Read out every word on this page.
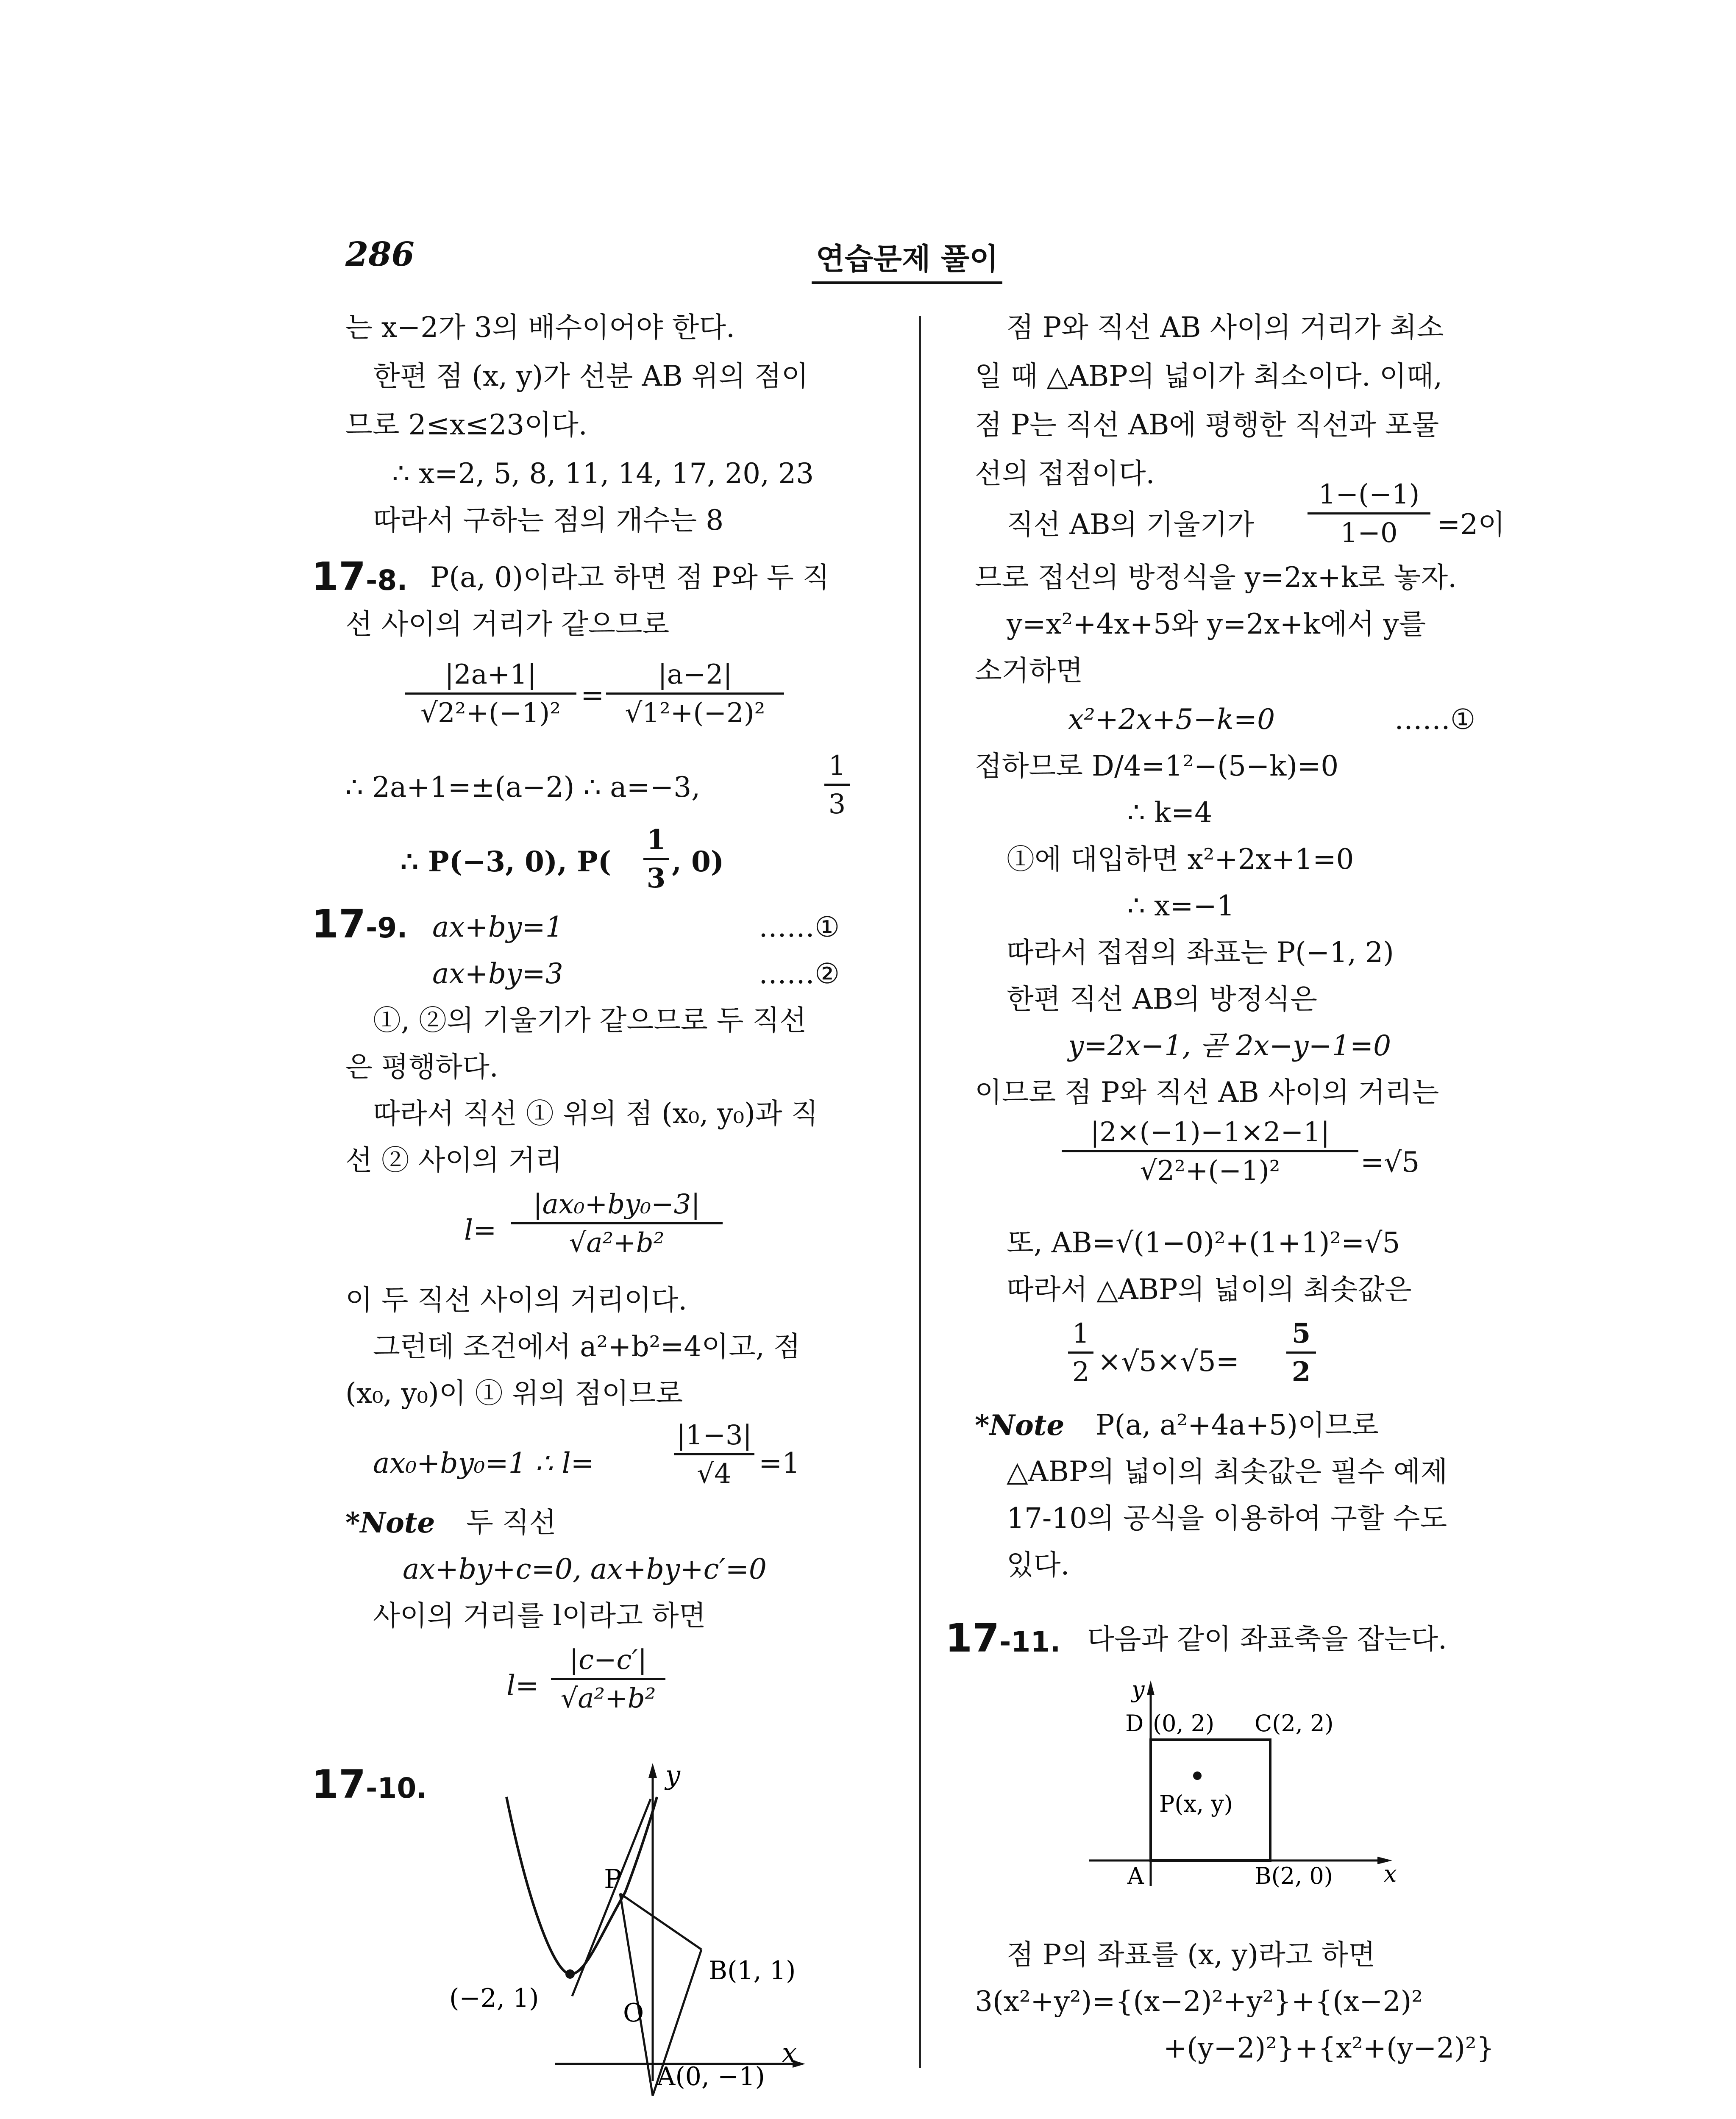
286	연습문제 풀이
는 x−2가 3의 배수이어야 한다.
한편 점 (x, y)가 선분 AB 위의 점이
므로 2≤x≤23이다.
∴ x=2, 5, 8, 11, 14, 17, 20, 23
따라서 구하는 점의 개수는 8
17-8. P(a, 0)이라고 하면 점 P와 두 직
선 사이의 거리가 같으므로
|2a+1|
√2²+(−1)²
=
|a−2|
√1²+(−2)²
∴ 2a+1=±(a−2) ∴ a=−3,
1
3
∴ P(−3, 0), P(
1
3
, 0)
17-9. ax+by=1	……①
ax+by=3	……②
①, ②의 기울기가 같으므로 두 직선
은 평행하다.
따라서 직선 ① 위의 점 (x₀, y₀)과 직
선 ② 사이의 거리
l=
|ax₀+by₀−3|
√a²+b²
이 두 직선 사이의 거리이다.
그런데 조건에서 a²+b²=4이고, 점
(x₀, y₀)이 ① 위의 점이므로
ax₀+by₀=1 ∴ l=
|1−3|
√4 =1
*Note 두 직선
ax+by+c=0, ax+by+c′=0
사이의 거리를 l이라고 하면
l=
|c−c′|
√a²+b²
17-10.	y
x
P
(−2, 1)	O
B(1, 1)
A(0, −1)
점 P와 직선 AB 사이의 거리가 최소
일 때 △ABP의 넓이가 최소이다. 이때,
점 P는 직선 AB에 평행한 직선과 포물
선의 접점이다.
직선 AB의 기울기가
1−(−1)
1−0	=2이
므로 접선의 방정식을 y=2x+k로 놓자.
y=x²+4x+5와 y=2x+k에서 y를
소거하면
x²+2x+5−k=0	……①
접하므로 D/4=1²−(5−k)=0
∴ k=4
①에 대입하면 x²+2x+1=0
∴ x=−1
따라서 접점의 좌표는 P(−1, 2)
한편 직선 AB의 방정식은
y=2x−1, 곧 2x−y−1=0
이므로 점 P와 직선 AB 사이의 거리는
|2×(−1)−1×2−1|
√2²+(−1)²	=√5
또, AB=√(1−0)²+(1+1)²=√5
따라서 △ABP의 넓이의 최솟값은
1
2 ×√5×√5=
5
2
*Note P(a, a²+4a+5)이므로
△ABP의 넓이의 최솟값은 필수 예제
17-10의 공식을 이용하여 구할 수도
있다.
17-11. 다음과 같이 좌표축을 잡는다.
y
x
D (0, 2) C(2, 2)
P(x, y)
A	B(2, 0)
점 P의 좌표를 (x, y)라고 하면
3(x²+y²)={(x−2)²+y²}+{(x−2)²
+(y−2)²}+{x²+(y−2)²}
